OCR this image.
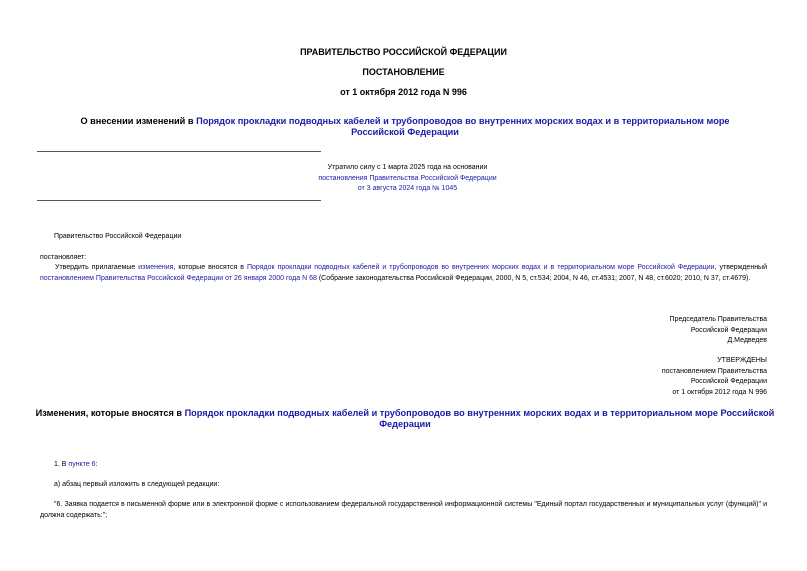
ПРАВИТЕЛЬСТВО РОССИЙСКОЙ ФЕДЕРАЦИИ
ПОСТАНОВЛЕНИЕ
от 1 октября 2012 года N 996
О внесении изменений в Порядок прокладки подводных кабелей и трубопроводов во внутренних морских водах и в территориальном море Российской Федерации
Утратило силу с 1 марта 2025 года на основании
постановления Правительства Российской Федерации
от 3 августа 2024 года № 1045
Правительство Российской Федерации
постановляет:
Утвердить прилагаемые изменения, которые вносятся в Порядок прокладки подводных кабелей и трубопроводов во внутренних морских водах и в территориальном море Российской Федерации, утвержденный постановлением Правительства Российской Федерации от 26 января 2000 года N 68 (Собрание законодательства Российской Федерации, 2000, N 5, ст.534; 2004, N 46, ст.4531; 2007, N 48, ст.6020; 2010, N 37, ст.4679).
Председатель Правительства
Российской Федерации
Д.Медведев
УТВЕРЖДЕНЫ
постановлением Правительства
Российской Федерации
от 1 октября 2012 года N 996
Изменения, которые вносятся в Порядок прокладки подводных кабелей и трубопроводов во внутренних морских водах и в территориальном море Российской Федерации
1. В пункте 6:
а) абзац первый изложить в следующей редакции:
"6. Заявка подается в письменной форме или в электронной форме с использованием федеральной государственной информационной системы "Единый портал государственных и муниципальных услуг (функций)" и должна содержать:";
